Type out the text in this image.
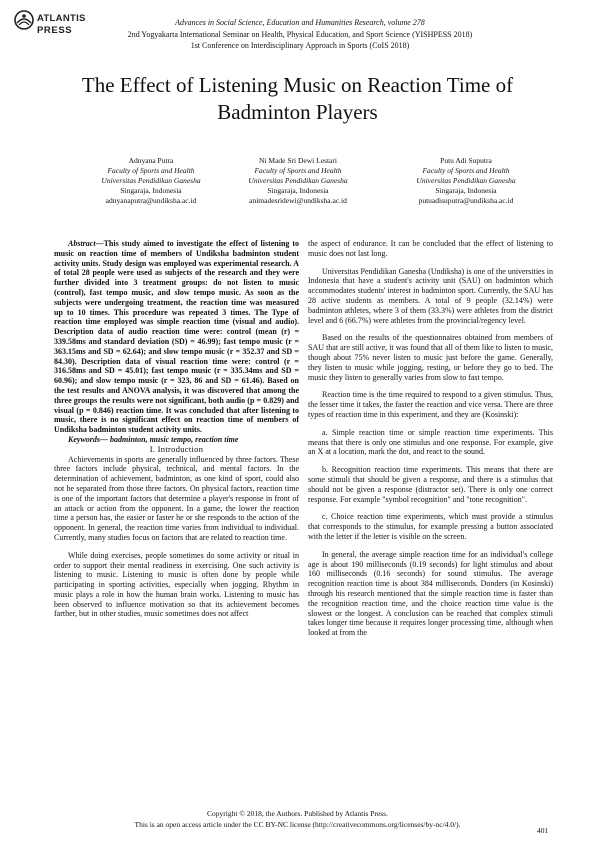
ATLANTIS
PRESS
Advances in Social Science, Education and Humanities Research, volume 278
2nd Yogyakarta International Seminar on Health, Physical Education, and Sport Science (YISHPESS 2018)
1st Conference on Interdisciplinary Approach in Sports (CoIS 2018)
The Effect of Listening Music on Reaction Time of
Badminton Players
Adnyana Putra
Faculty of Sports and Health
Universitas Pendidikan Ganesha
Singaraja, Indonesia
adnyanaputra@undiksha.ac.id
Ni Made Sri Dewi Lestari
Faculty of Sports and Health
Universitas Pendidikan Ganesha
Singaraja, Indonesia
animadesridewi@undiksha.ac.id
Putu Adi Suputra
Faculty of Sports and Health
Universitas Pendidikan Ganesha
Singaraja, Indonesia
putuadisuputra@undiksha.ac.id

Abstract—This study aimed to investigate the effect of listening to music on reaction time of members of Undiksha badminton student activity units. Study design was employed was experimental research. A of total 28 people were used as subjects of the research and they were further divided into 3 treatment groups: do not listen to music (control), fast tempo music, and slow tempo music. As soon as the subjects were undergoing treatment, the reaction time was measured up to 10 times. This procedure was repeated 3 times. The Type of reaction time employed was simple reaction time (visual and audio). Description data of audio reaction time were: control (mean (r) = 339.58ms and standard deviation (SD) = 46.99); fast tempo music (r = 363.15ms and SD = 62.64); and slow tempo music (r = 352.37 and SD = 84.30). Description data of visual reaction time were: control (r = 316.58ms and SD = 45.01); fast tempo music (r = 335.34ms and SD = 60.96); and slow tempo music (r = 323, 86 and SD = 61.46). Based on the test results and ANOVA analysis, it was discovered that among the three groups the results were not significant, both audio (p = 0.829) and visual (p = 0.846) reaction time. It was concluded that after listening to music, there is no significant effect on reaction time of members of Undiksha badminton student activity units.

Keywords— badminton, music tempo, reaction time

I. Introduction

Achievements in sports are generally influenced by three factors. These three factors include physical, technical, and mental factors. In the determination of achievement, badminton, as one kind of sport, could also not be separated from those three factors. On physical factors, reaction time is one of the important factors that determine a player's response in front of an attack or action from the opponent. In a game, the lower the reaction time a person has, the easier or faster he or she responds to the action of the opponent. In general, the reaction time varies from individual to individual. Currently, many studies focus on factors that are related to reaction time.

While doing exercises, people sometimes do some activity or ritual in order to support their mental readiness in exercising. One such activity is listening to music. Listening to music is often done by people while participating in sporting activities, especially when jogging. Rhythm in music plays a role in how the human brain works. Listening to music has been observed to influence motivation so that its achievement becomes farther, but in other studies, music sometimes does not affect

the aspect of endurance. It can be concluded that the effect of listening to music does not last long.

Universitas Pendidikan Ganesha (Undiksha) is one of the universities in Indonesia that have a student's activity unit (SAU) on badminton which accommodates students' interest in badminton sport. Currently, the SAU has 28 active students as members. A total of 9 people (32.14%) were badminton athletes, where 3 of them (33.3%) were athletes from the district level and 6 (66.7%) were athletes from the provincial/regency level.

Based on the results of the questionnaires obtained from members of SAU that are still active, it was found that all of them like to listen to music, though about 75% never listen to music just before the game. Generally, they listen to music while jogging, resting, or before they go to bed. The music they listen to generally varies from slow to fast tempo.

Reaction time is the time required to respond to a given stimulus. Thus, the lesser time it takes, the faster the reaction and vice versa. There are three types of reaction time in this experiment, and they are (Kosinski):

a. Simple reaction time or simple reaction time experiments. This means that there is only one stimulus and one response. For example, give an X at a location, mark the dot, and react to the sound.

b. Recognition reaction time experiments. This means that there are some stimuli that should be given a response, and there is a stimulus that should not be given a response (distractor set). There is only one correct response. For example "symbol recognition" and "tone recognition".

c. Choice reaction time experiments, which must provide a stimulus that corresponds to the stimulus, for example pressing a button associated with the letter if the letter is visible on the screen.

In general, the average simple reaction time for an individual's college age is about 190 milliseconds (0.19 seconds) for light stimulus and about 160 milliseconds (0.16 seconds) for sound stimulus. The average recognition reaction time is about 384 milliseconds. Donders (in Kosinski) through his research mentioned that the simple reaction time is faster than the recognition reaction time, and the choice reaction time value is the slowest or the longest. A conclusion can be reached that complex stimuli takes longer time because it requires longer processing time, although when looked at from the

Copyright © 2018, the Authors. Published by Atlantis Press.
This is an open access article under the CC BY-NC license (http://creativecommons.org/licenses/by-nc/4.0/).
401
